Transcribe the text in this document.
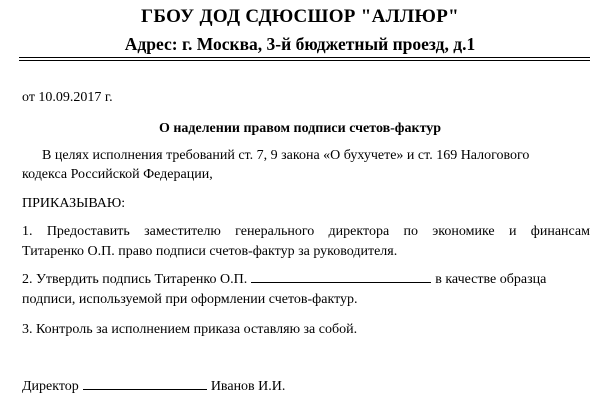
ГБОУ ДОД СДЮСШОР "АЛЛЮР"
Адрес: г. Москва, 3-й бюджетный проезд, д.1
от 10.09.2017 г.
О наделении правом подписи счетов-фактур
В целях исполнения требований ст. 7, 9 закона «О бухучете» и ст. 169 Налогового
кодекса Российской Федерации,
ПРИКАЗЫВАЮ:
1. Предоставить заместителю генерального директора по экономике и финансам
Титаренко О.П. право подписи счетов-фактур за руководителя.
2. Утвердить подпись Титаренко О.П.	в качестве образца
подписи, используемой при оформлении счетов-фактур.
3. Контроль за исполнением приказа оставляю за собой.
Директор	Иванов И.И.
